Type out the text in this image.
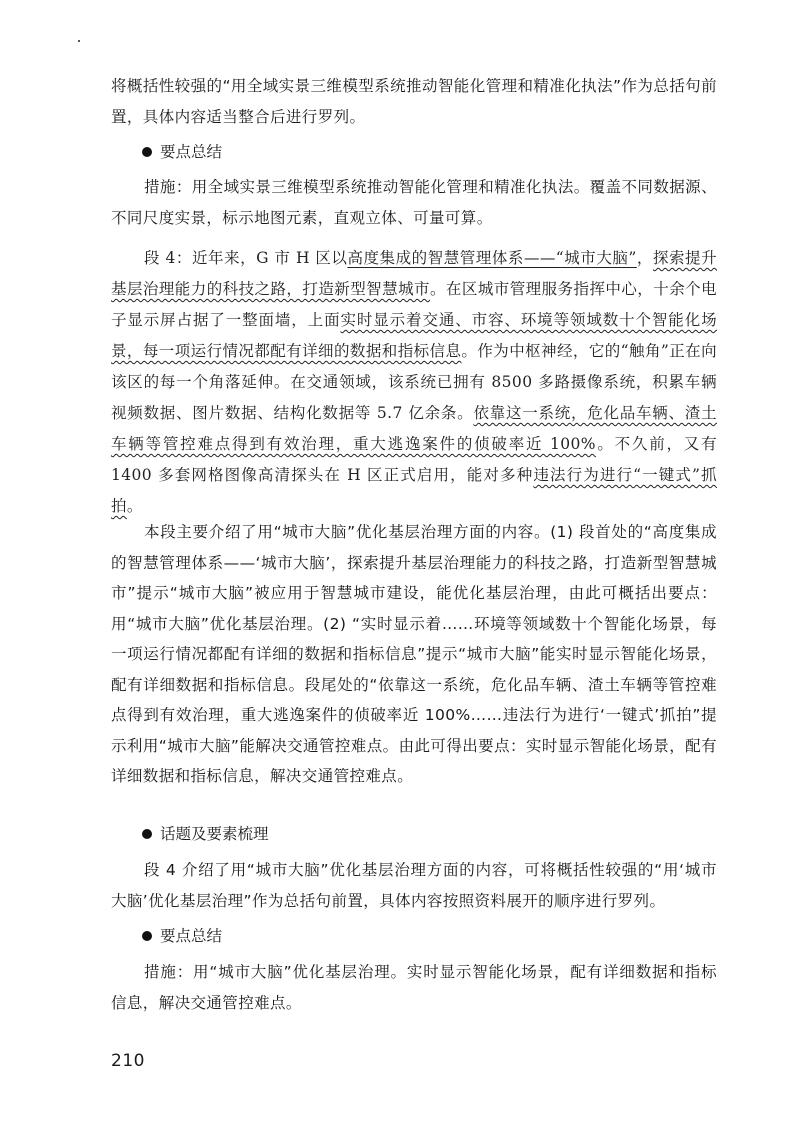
将概括性较强的“用全域实景三维模型系统推动智能化管理和精准化执法”作为总括句前置，具体内容适当整合后进行罗列。

要点总结

措施：用全域实景三维模型系统推动智能化管理和精准化执法。覆盖不同数据源、不同尺度实景，标示地图元素，直观立体、可量可算。

段 4：近年来，G 市 H 区以高度集成的智慧管理体系——“城市大脑”，探索提升基层治理能力的科技之路，打造新型智慧城市。在区城市管理服务指挥中心，十余个电子显示屏占据了一整面墙，上面实时显示着交通、市容、环境等领域数十个智能化场景，每一项运行情况都配有详细的数据和指标信息。作为中枢神经，它的“触角”正在向该区的每一个角落延伸。在交通领域，该系统已拥有 8500 多路摄像系统，积累车辆视频数据、图片数据、结构化数据等 5.7 亿余条。依靠这一系统，危化品车辆、渣土车辆等管控难点得到有效治理，重大逃逸案件的侦破率近 100%。不久前，又有 1400 多套网格图像高清探头在 H 区正式启用，能对多种违法行为进行“一键式”抓拍。

本段主要介绍了用“城市大脑”优化基层治理方面的内容。(1) 段首处的“高度集成的智慧管理体系——‘城市大脑’，探索提升基层治理能力的科技之路，打造新型智慧城市”提示“城市大脑”被应用于智慧城市建设，能优化基层治理，由此可概括出要点：用“城市大脑”优化基层治理。(2) “实时显示着……环境等领域数十个智能化场景，每一项运行情况都配有详细的数据和指标信息”提示“城市大脑”能实时显示智能化场景，配有详细数据和指标信息。段尾处的“依靠这一系统，危化品车辆、渣土车辆等管控难点得到有效治理，重大逃逸案件的侦破率近 100%……违法行为进行‘一键式’抓拍”提示利用“城市大脑”能解决交通管控难点。由此可得出要点：实时显示智能化场景，配有详细数据和指标信息，解决交通管控难点。

话题及要素梳理

段 4 介绍了用“城市大脑”优化基层治理方面的内容，可将概括性较强的“用‘城市大脑’优化基层治理”作为总括句前置，具体内容按照资料展开的顺序进行罗列。

要点总结

措施：用“城市大脑”优化基层治理。实时显示智能化场景，配有详细数据和指标信息，解决交通管控难点。

210
